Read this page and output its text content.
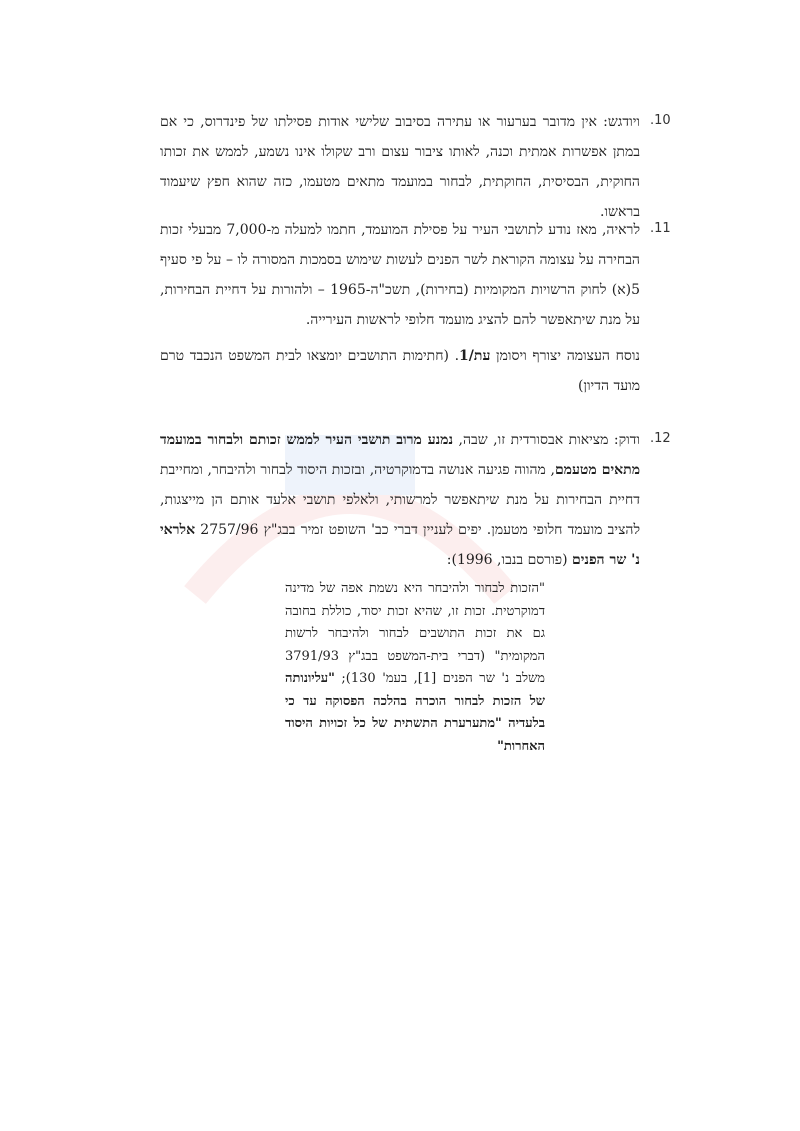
.10
ויודגש: אין מדובר בערעור או עתירה בסיבוב שלישי אודות פסילתו של פינדרוס, כי אם במתן אפשרות אמתית וכנה, לאותו ציבור עצום ורב שקולו אינו נשמע, לממש את זכותו החוקית, הבסיסית, החוקתית, לבחור במועמד מתאים מטעמו, כזה שהוא חפץ שיעמוד בראשו.
.11
לראיה, מאז נודע לתושבי העיר על פסילת המועמד, חתמו למעלה מ-7,000 מבעלי זכות הבחירה על עצומה הקוראת לשר הפנים לעשות שימוש בסמכות המסורה לו – על פי סעיף 5(א) לחוק הרשויות המקומיות (בחירות), תשכ"ה-1965 – ולהורות על דחיית הבחירות, על מנת שיתאפשר להם להציג מועמד חלופי לראשות העירייה.
נוסח העצומה יצורף ויסומן עת/1. (חתימות התושבים יומצאו לבית המשפט הנכבד טרם מועד הדיון)
.12
ודוק: מציאות אבסורדית זו, שבה, נמנע מרוב תושבי העיר לממש זכותם ולבחור במועמד מתאים מטעמם, מהווה פגיעה אנושה בדמוקרטיה, ובזכות היסוד לבחור ולהיבחר, ומחייבת דחיית הבחירות על מנת שיתאפשר למרשותי, ולאלפי תושבי אלעד אותם הן מייצגות, להציב מועמד חלופי מטעמן. יפים לעניין דברי כב' השופט זמיר בבג"ץ 2757/96 אלראי נ' שר הפנים (פורסם בנבו, 1996):
"הזכות לבחור ולהיבחר היא נשמת אפה של מדינה דמוקרטית. זכות זו, שהיא זכות יסוד, כוללת בחובה גם את זכות התושבים לבחור ולהיבחר לרשות המקומית" (דברי בית-המשפט בבג"ץ 3791/93 משלב נ' שר הפנים [1], בעמ' 130); "עליונותה של הזכות לבחור הוכרה בהלכה הפסוקה עד כי בלעדיה "מתערערת התשתית של כל זכויות היסוד האחרות"
